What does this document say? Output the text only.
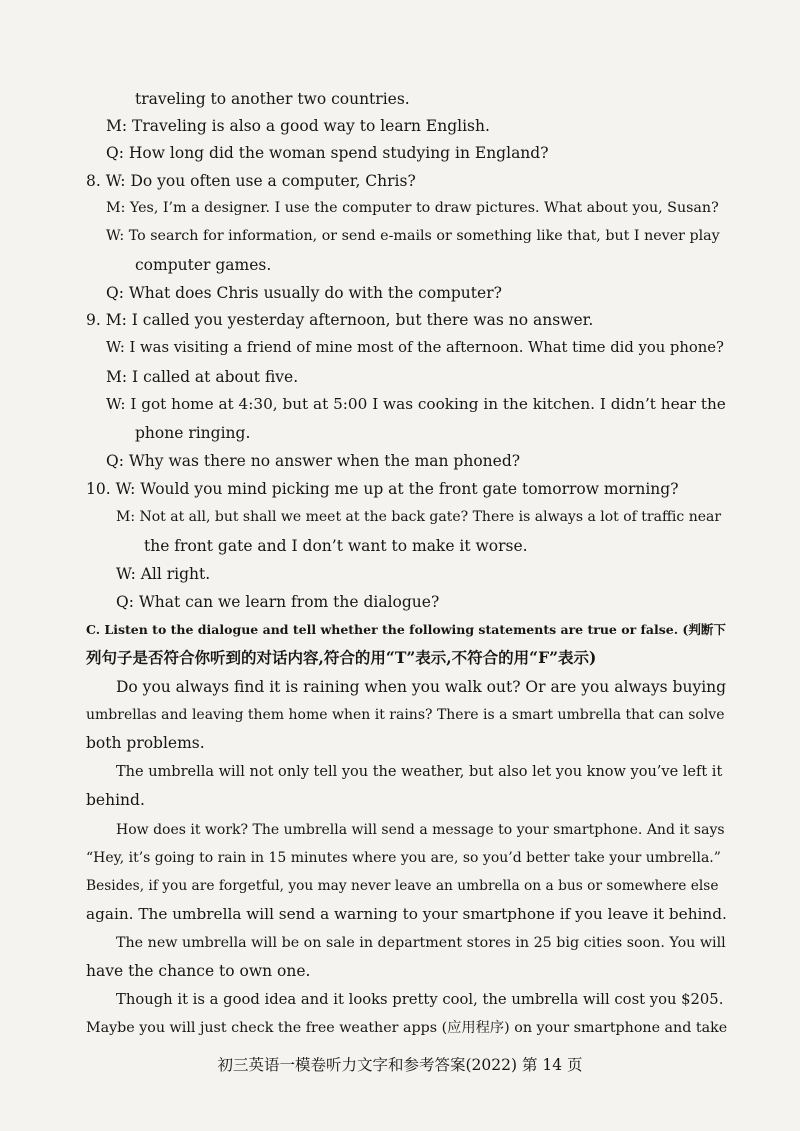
traveling to another two countries.
M: Traveling is also a good way to learn English.
Q: How long did the woman spend studying in England?
8. W: Do you often use a computer, Chris?
M: Yes, I’m a designer. I use the computer to draw pictures. What about you, Susan?
W: To search for information, or send e-mails or something like that, but I never play
computer games.
Q: What does Chris usually do with the computer?
9. M: I called you yesterday afternoon, but there was no answer.
W: I was visiting a friend of mine most of the afternoon. What time did you phone?
M: I called at about five.
W: I got home at 4:30, but at 5:00 I was cooking in the kitchen. I didn’t hear the
phone ringing.
Q: Why was there no answer when the man phoned?
10. W: Would you mind picking me up at the front gate tomorrow morning?
M: Not at all, but shall we meet at the back gate? There is always a lot of traffic near
the front gate and I don’t want to make it worse.
W: All right.
Q: What can we learn from the dialogue?
C. Listen to the dialogue and tell whether the following statements are true or false. (判断下
列句子是否符合你听到的对话内容,符合的用“T”表示,不符合的用“F”表示)
Do you always find it is raining when you walk out? Or are you always buying
umbrellas and leaving them home when it rains? There is a smart umbrella that can solve
both problems.
The umbrella will not only tell you the weather, but also let you know you’ve left it
behind.
How does it work? The umbrella will send a message to your smartphone. And it says
“Hey, it’s going to rain in 15 minutes where you are, so you’d better take your umbrella.”
Besides, if you are forgetful, you may never leave an umbrella on a bus or somewhere else
again. The umbrella will send a warning to your smartphone if you leave it behind.
The new umbrella will be on sale in department stores in 25 big cities soon. You will
have the chance to own one.
Though it is a good idea and it looks pretty cool, the umbrella will cost you $205.
Maybe you will just check the free weather apps (应用程序) on your smartphone and take
初三英语一模卷听力文字和参考答案(2022) 第 14 页
